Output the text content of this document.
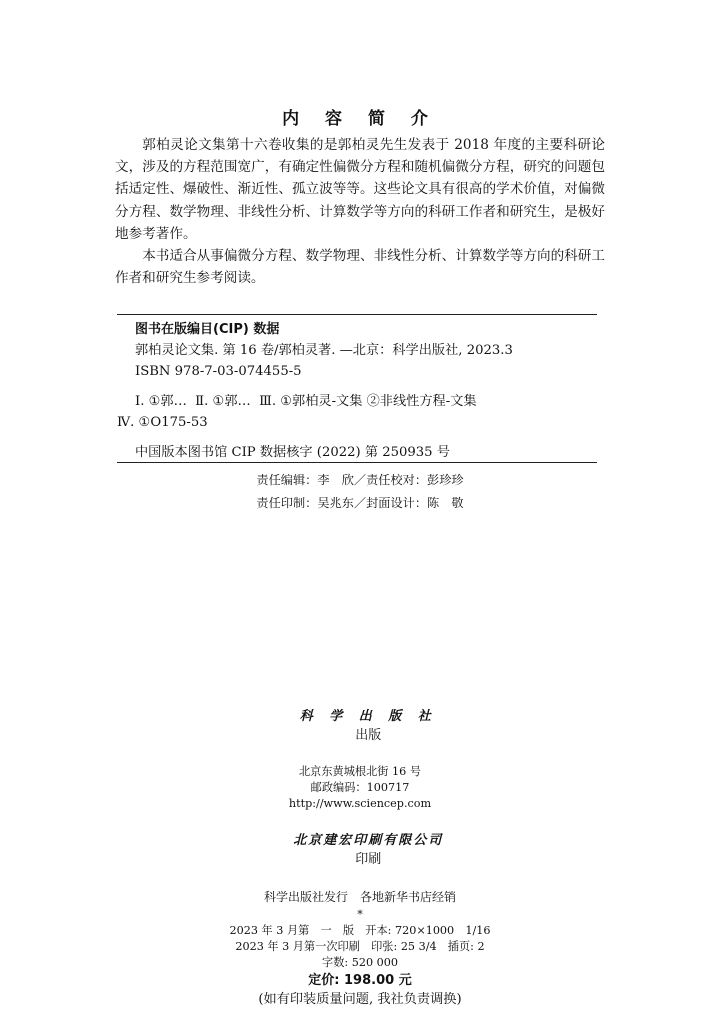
内 容 简 介

郭柏灵论文集第十六卷收集的是郭柏灵先生发表于 2018 年度的主要科研论文，涉及的方程范围宽广，有确定性偏微分方程和随机偏微分方程，研究的问题包括适定性、爆破性、渐近性、孤立波等等。这些论文具有很高的学术价值，对偏微分方程、数学物理、非线性分析、计算数学等方向的科研工作者和研究生，是极好地参考著作。

本书适合从事偏微分方程、数学物理、非线性分析、计算数学等方向的科研工作者和研究生参考阅读。

图书在版编目(CIP) 数据
郭柏灵论文集. 第 16 卷/郭柏灵著. —北京：科学出版社, 2023.3
ISBN 978-7-03-074455-5
Ⅰ. ①郭…  Ⅱ. ①郭…  Ⅲ. ①郭柏灵-文集 ②非线性方程-文集
Ⅳ. ①O175-53
中国版本图书馆 CIP 数据核字 (2022) 第 250935 号
责任编辑：李　欣／责任校对：彭珍珍
责任印制：吴兆东／封面设计：陈　敬

科 学 出 版 社
出版

北京东黄城根北街 16 号
邮政编码：100717
http://www.sciencep.com

北京建宏印刷有限公司
印刷

科学出版社发行　各地新华书店经销
*
2023 年 3 月第　一　版　开本: 720×1000　1/16
2023 年 3 月第一次印刷　印张: 25 3/4　插页: 2
字数: 520 000
定价: 198.00 元
(如有印装质量问题, 我社负责调换)
